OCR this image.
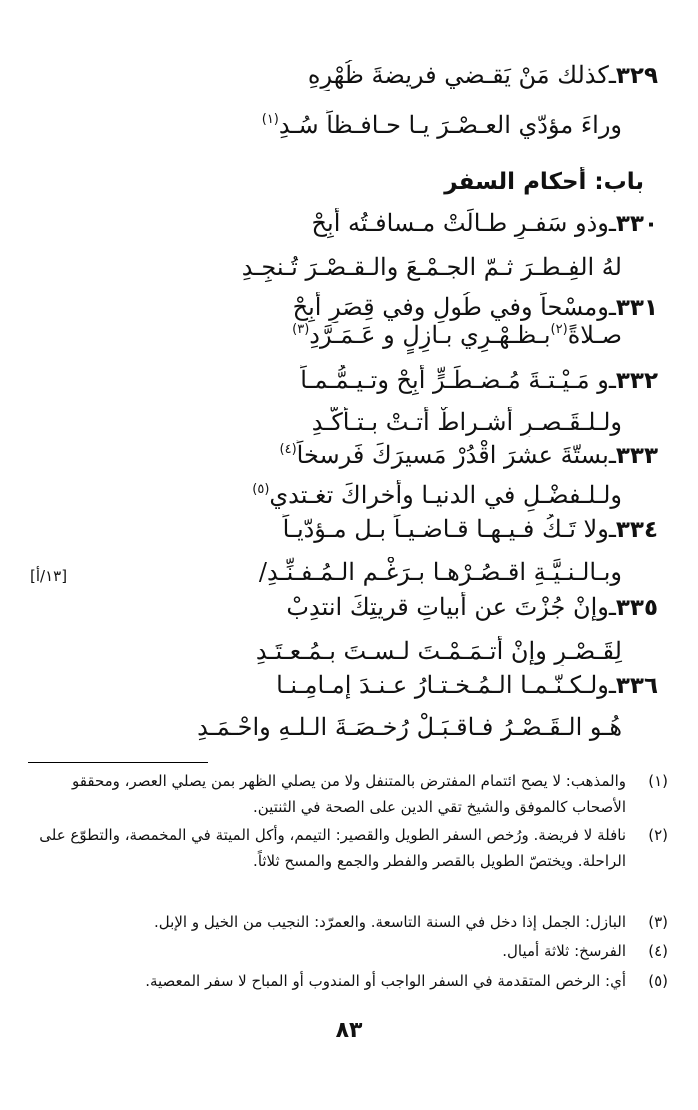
٣٢٩ـكذلك مَنْ يَقـضي فريضةَ ظُهْرِهِ
وراءَ مؤدّي العـصْـرَ يـا حـافـظاً سُـدِ(١)
باب: أحكام السفر
٣٣٠ـوذو سَفـرٍ طـالَتْ مـسافـتُه أبِحْ
لهُ الفِـطـرَ ثـمّ الجـمْـعَ والـقـصْـرَ تُـنجِـدِ
٣٣١ـومسْحاً وفي طُولٍ وفي قِصَرٍ أبِحْ
صـلاةً(٢)بـظـهْـرِي بـازِلٍ و عَـمَـرَّدِ(٣)
٣٣٢ـو مَـيْـتـةَ مُـضـطَـرٍّ أبِحْ وتـيـمُّـمـاً
ولـلـقَـصـرِ أشـراطٌ أتـتْ بـتـأكُّـدِ
٣٣٣ـبستّةَ عشرَ اقْدُرْ مَسيرَكَ فَرسخاً(٤)
ولـلـفضْـلِ في الدنيـا وأُخراكَ تغـتدي(٥)
٣٣٤ـولا تَـكُ فـيـهـا قـاضـيـاً بـل مـؤدّيـاً
وبـالـنـيَّـةِ اقـصُـرْهـا بـرَغْـمِ الـمُـفـنِّـدِ/
[١٣/أ]
٣٣٥ـوإنْ جُزْتَ عن أبياتِ قريتِكَ انتدِبْ
لِقَـصْـرٍ وإنْ أتـمَـمْـتَ لـسـتَ بـمُـعـتَـدِ
٣٣٦ـولـكـنّـمـا الـمُـخـتـارُ عـنـدَ إمـامِـنـا
هُـو الـقَـصْـرُ فـاقـبَـلْ رُخـصَـةَ الـلـهِ واحْـمَـدِ
(١)
والمذهب: لا يصح ائتمام المفترض بالمتنفل ولا من يصلي الظهر بمن يصلي العصر، ومحققو الأصحاب كالموفق والشيخ تقي الدين على الصحة في الثنتين.
(٢)
نافلة لا فريضة. ورُخص السفر الطويل والقصير: التيمم، وأكل الميتة في المخمصة، والتطوّع على الراحلة. ويختصّ الطويل بالقصر والفطر والجمع والمسح ثلاثاً.
(٣)
البازل: الجمل إذا دخل في السنة التاسعة. والعمرّد: النجيب من الخيل و الإبل.
(٤)
الفرسخ: ثلاثة أميال.
(٥)
أي: الرخص المتقدمة في السفر الواجب أو المندوب أو المباح لا سفر المعصية.
٨٣
